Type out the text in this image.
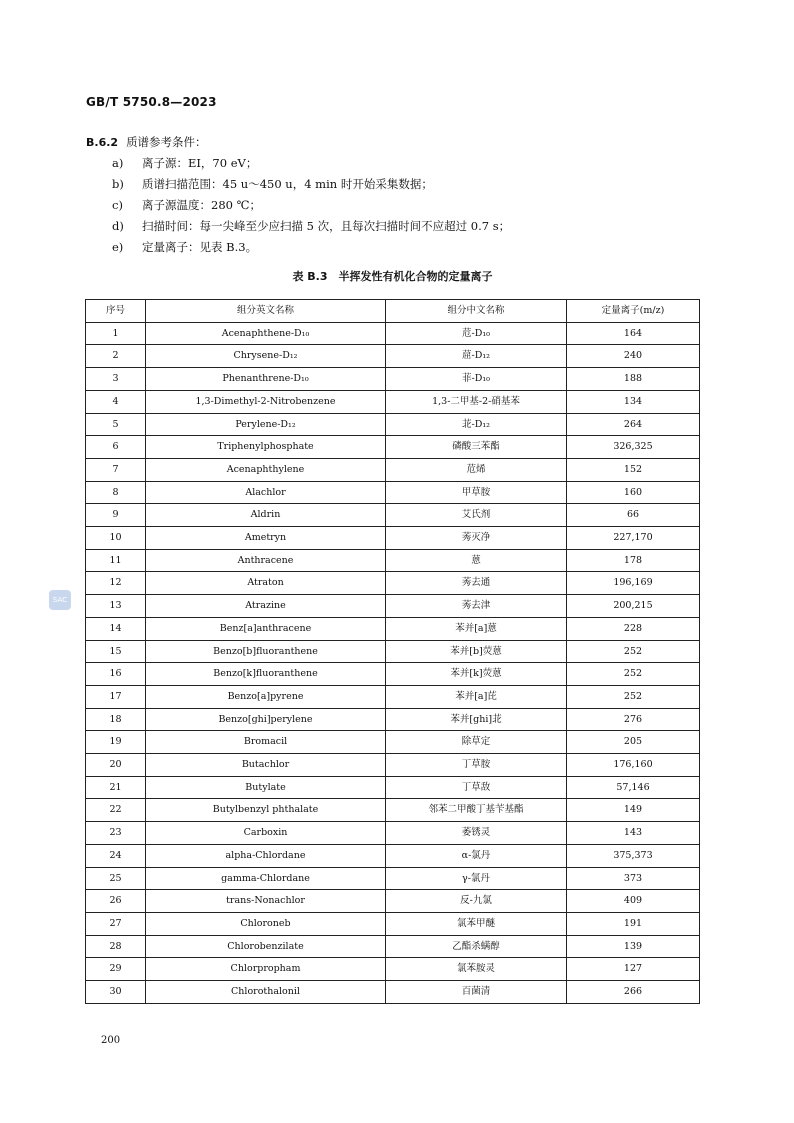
GB/T 5750.8—2023
B.6.2 质谱参考条件：
a) 离子源：EI，70 eV；
b) 质谱扫描范围：45 u～450 u，4 min 时开始采集数据；
c) 离子源温度：280 ℃；
d) 扫描时间：每一尖峰至少应扫描 5 次，且每次扫描时间不应超过 0.7 s；
e) 定量离子：见表 B.3。
表 B.3　半挥发性有机化合物的定量离子
序号	组分英文名称	组分中文名称	定量离子(m/z)
1	Acenaphthene-D₁₀	苊-D₁₀	164
2	Chrysene-D₁₂	䓛-D₁₂	240
3	Phenanthrene-D₁₀	菲-D₁₀	188
4	1,3-Dimethyl-2-Nitrobenzene	1,3-二甲基-2-硝基苯	134
5	Perylene-D₁₂	苝-D₁₂	264
6	Triphenylphosphate	磷酸三苯酯	326,325
7	Acenaphthylene	苊烯	152
8	Alachlor	甲草胺	160
9	Aldrin	艾氏剂	66
10	Ametryn	莠灭净	227,170
11	Anthracene	蒽	178
12	Atraton	莠去通	196,169
13	Atrazine	莠去津	200,215
14	Benz[a]anthracene	苯并[a]蒽	228
15	Benzo[b]fluoranthene	苯并[b]荧蒽	252
16	Benzo[k]fluoranthene	苯并[k]荧蒽	252
17	Benzo[a]pyrene	苯并[a]芘	252
18	Benzo[ghi]perylene	苯并[ghi]苝	276
19	Bromacil	除草定	205
20	Butachlor	丁草胺	176,160
21	Butylate	丁草敌	57,146
22	Butylbenzyl phthalate	邻苯二甲酸丁基苄基酯	149
23	Carboxin	萎锈灵	143
24	alpha-Chlordane	α-氯丹	375,373
25	gamma-Chlordane	γ-氯丹	373
26	trans-Nonachlor	反-九氯	409
27	Chloroneb	氯苯甲醚	191
28	Chlorobenzilate	乙酯杀螨醇	139
29	Chlorpropham	氯苯胺灵	127
30	Chlorothalonil	百菌清	266
SAC
200
